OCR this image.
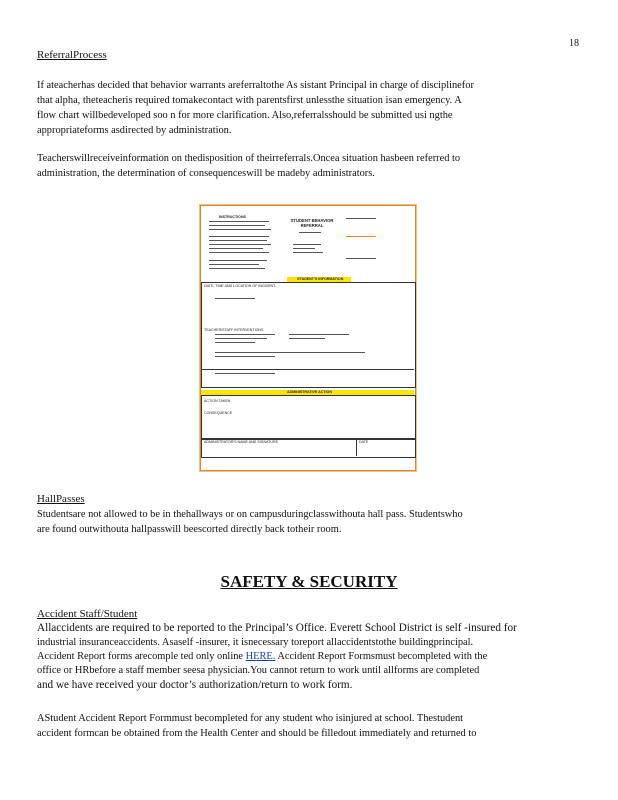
18
ReferralProcess
If ateacherhas decided that behavior warrants areferraltothe As sistant Principal in charge of disciplinefor
that alpha, theteacheris required tomakecontact with parentsfirst unlessthe situation isan emergency. A
flow chart willbedeveloped soo n for more clarification. Also,referralsshould be submitted usi ngthe
appropriateforms asdirected by administration.
Teacherswillreceiveinformation on thedisposition of theirreferrals.Oncea situation hasbeen referred to
administration, the determination of consequenceswill be madeby administrators.
INSTRUCTIONS
STUDENT BEHAVIOR REFERRAL
STUDENT'S INFORMATION
DATE, TIME AND LOCATION OF INCIDENT:
TEACHER/STAFF INTERVENTIONS
ADMINISTRATIVE ACTION
ACTION TAKEN
CONSEQUENCE
ADMINISTRATOR'S NAME AND SIGNATURE	DATE
HallPasses
Studentsare not allowed to be in thehallways or on campusduringclasswithouta hall pass. Studentswho
are found outwithouta hallpasswill beescorted directly back totheir room.
SAFETY & SECURITY
Accident Staff/Student
Allaccidents are required to be reported to the Principal’s Office. Everett School District is self -insured for
industrial insuranceaccidents. Asaself -insurer, it isnecessary toreport allaccidentstothe buildingprincipal.
Accident Report forms arecomple ted only online HERE. Accident Report Formsmust becompleted with the
office or HRbefore a staff member seesa physician.You cannot return to work until allforms are completed
and we have received your doctor’s authorization/return to work form.
AStudent Accident Report Formmust becompleted for any student who isinjured at school. Thestudent
accident formcan be obtained from the Health Center and should be filledout immediately and returned to
